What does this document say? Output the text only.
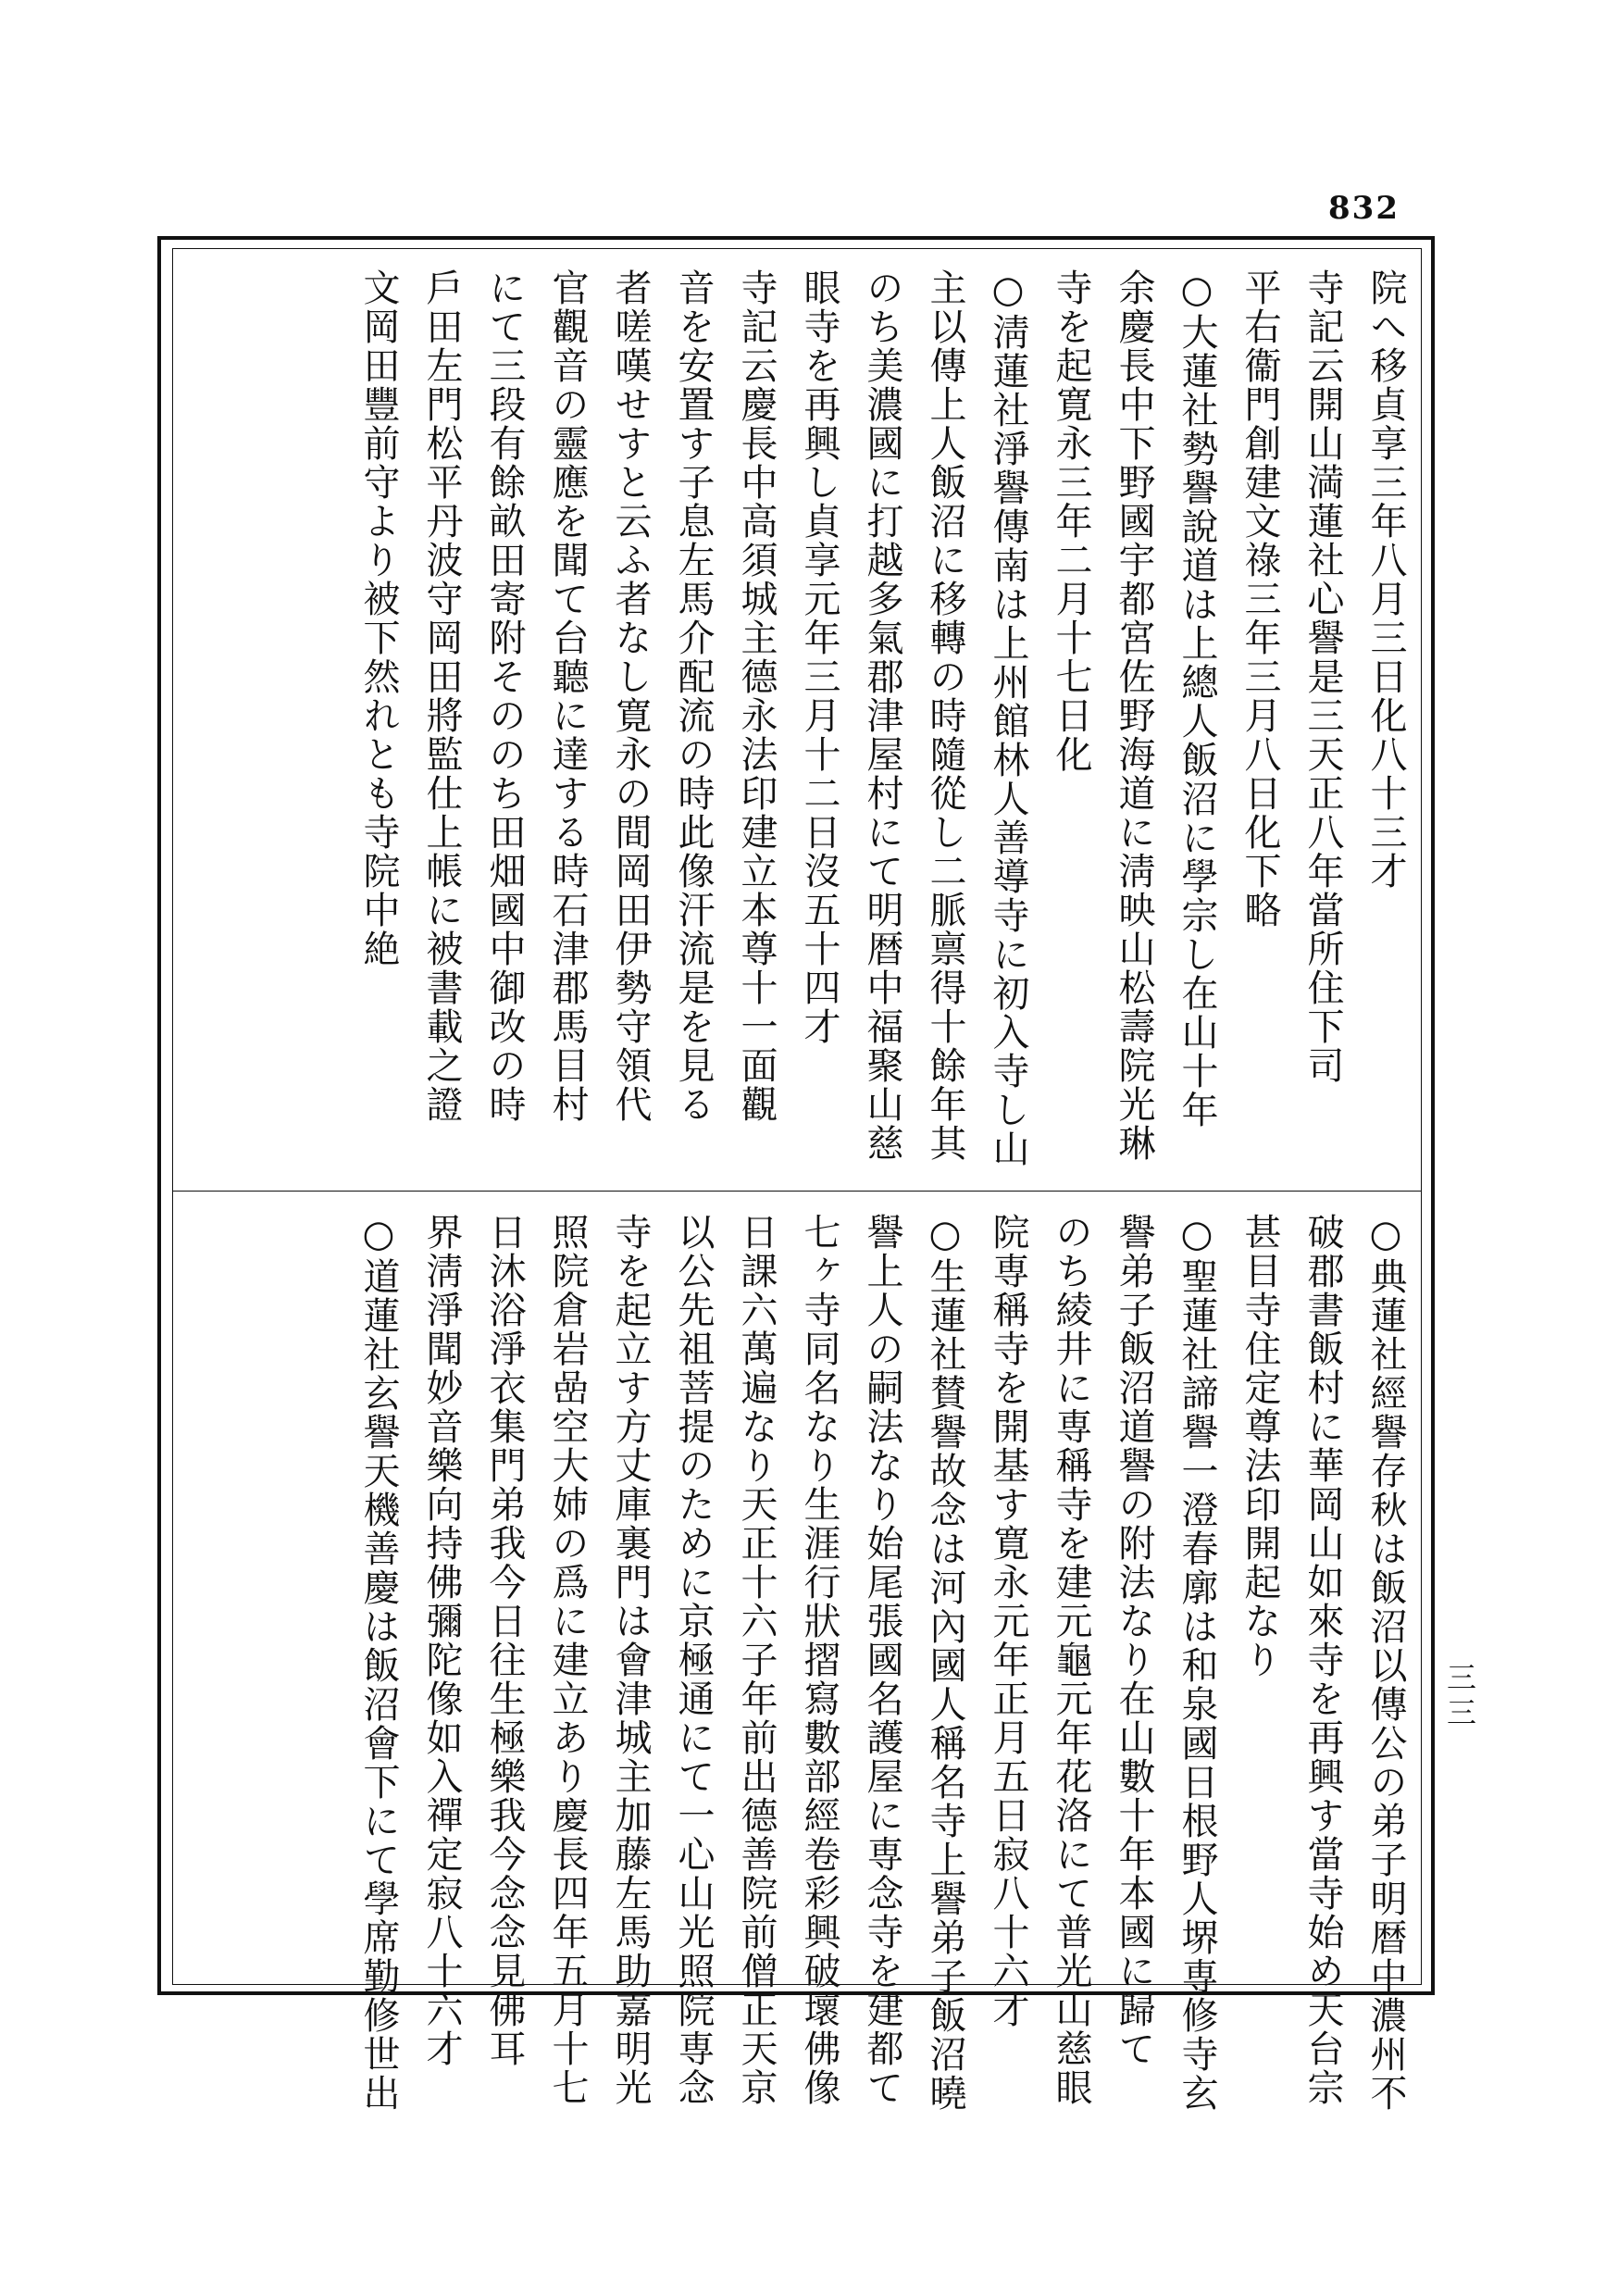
832
院へ移貞享三年八月三日化八十三才
寺記云開山満蓮社心譽是三天正八年當所住下司
平右衞門創建文祿三年三月八日化下略
○大蓮社勢譽說道は上總人飯沼に學宗し在山十年
余慶長中下野國宇都宮佐野海道に淸映山松壽院光琳
寺を起寛永三年二月十七日化
○淸蓮社淨譽傳南は上州館林人善導寺に初入寺し山
主以傳上人飯沼に移轉の時隨從し二脈禀得十餘年其
のち美濃國に打越多氣郡津屋村にて明暦中福聚山慈
眼寺を再興し貞享元年三月十二日沒五十四才
寺記云慶長中高須城主德永法印建立本尊十一面觀
音を安置す子息左馬介配流の時此像汗流是を見る
者嗟嘆せすと云ふ者なし寛永の間岡田伊勢守領代
官觀音の靈應を聞て台聽に達する時石津郡馬目村
にて三段有餘畝田寄附そののち田畑國中御改の時
戶田左門松平丹波守岡田將監仕上帳に被書載之證
文岡田豐前守より被下然れとも寺院中絶
○典蓮社經譽存秋は飯沼以傳公の弟子明暦中濃州不
破郡書飯村に華岡山如來寺を再興す當寺始め天台宗
甚目寺住定尊法印開起なり
○聖蓮社諦譽一澄春廓は和泉國日根野人堺専修寺玄
譽弟子飯沼道譽の附法なり在山數十年本國に歸て
のち綾井に専稱寺を建元龜元年花洛にて普光山慈眼
院専稱寺を開基す寛永元年正月五日寂八十六才
○生蓮社賛譽故念は河內國人稱名寺上譽弟子飯沼曉
譽上人の嗣法なり始尾張國名護屋に専念寺を建都て
七ヶ寺同名なり生涯行狀摺寫數部經卷彩興破壞佛像
日課六萬遍なり天正十六子年前出德善院前僧正天京
以公先祖菩提のために京極通にて一心山光照院専念
寺を起立す方丈庫裏門は會津城主加藤左馬助嘉明光
照院倉岩嵒空大姉の爲に建立あり慶長四年五月十七
日沐浴淨衣集門弟我今日往生極樂我今念念見佛耳
界淸淨聞妙音樂向持佛彌陀像如入禪定寂八十六才
○道蓮社玄譽天機善慶は飯沼會下にて學席勤修世出	三三
